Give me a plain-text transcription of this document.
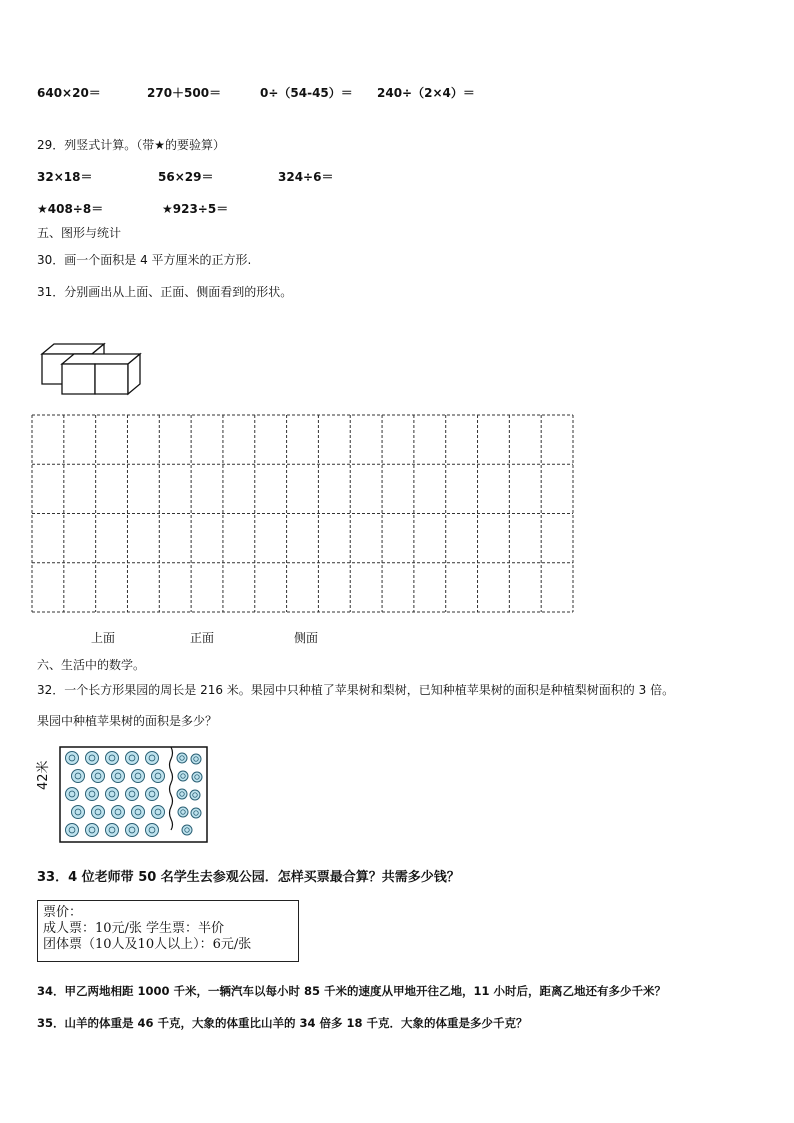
640×20＝	270＋500＝	0÷（54-45）＝ 240÷（2×4）＝
29．列竖式计算。（带★的要验算）
32×18＝	56×29＝	324÷6＝
★408÷8＝	★923÷5＝
五、图形与统计
30．画一个面积是 4 平方厘米的正方形.
31．分别画出从上面、正面、侧面看到的形状。
上面	正面	侧面
六、生活中的数学。
32．一个长方形果园的周长是 216 米。果园中只种植了苹果树和梨树，已知种植苹果树的面积是种植梨树面积的 3 倍。
果园中种植苹果树的面积是多少？
42米
33．4 位老师带 50 名学生去参观公园．怎样买票最合算？共需多少钱？
票价：
成人票：10元/张 学生票：半价
团体票（10人及10人以上）：6元/张
34．甲乙两地相距 1000 千米，一辆汽车以每小时 85 千米的速度从甲地开往乙地，11 小时后，距离乙地还有多少千米？
35．山羊的体重是 46 千克，大象的体重比山羊的 34 倍多 18 千克．大象的体重是多少千克？
